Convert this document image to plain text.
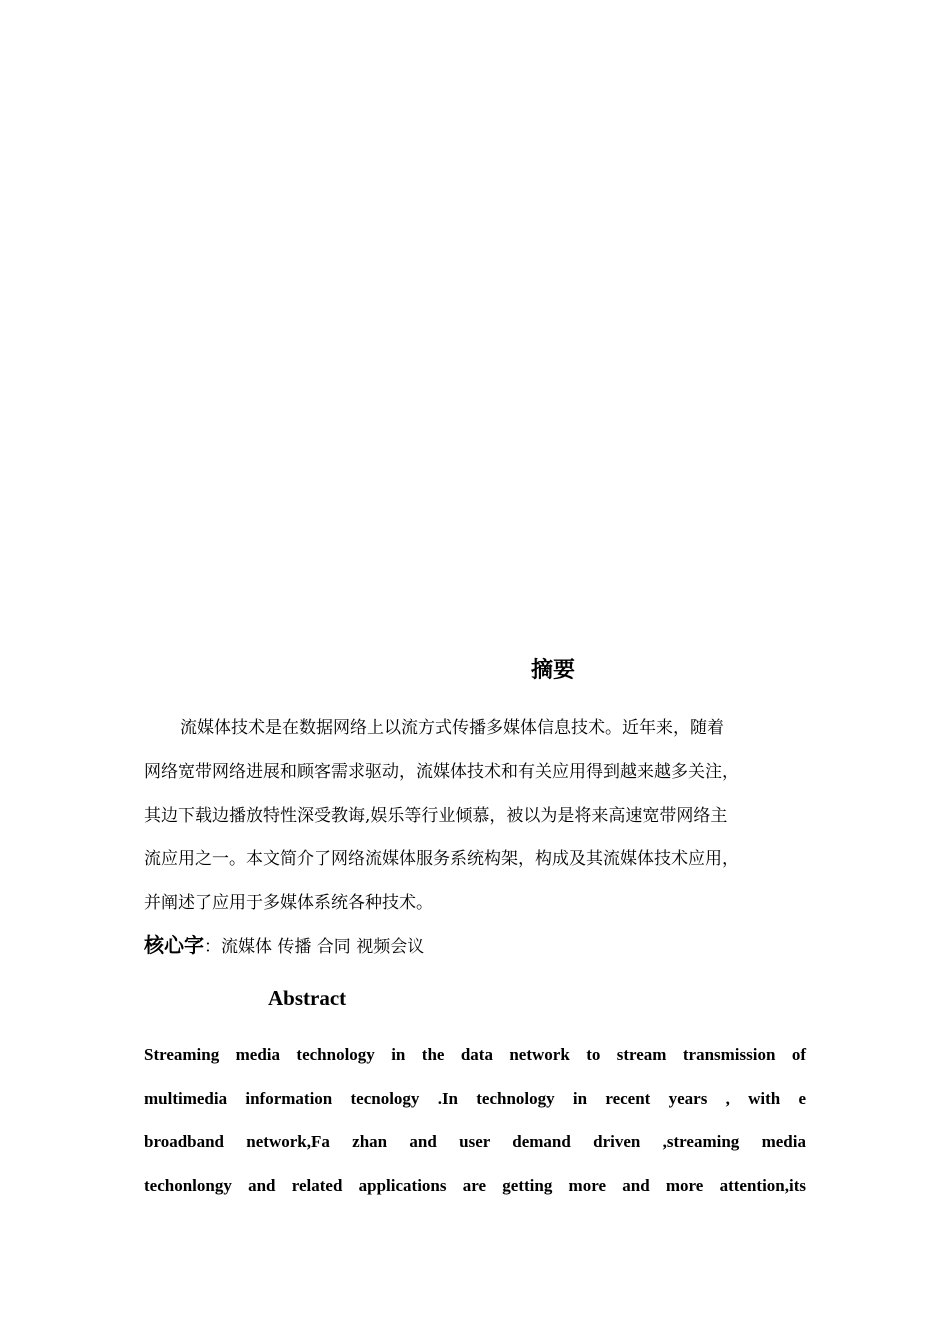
摘要

流媒体技术是在数据网络上以流方式传播多媒体信息技术。近年来，随着

网络宽带网络进展和顾客需求驱动，流媒体技术和有关应用得到越来越多关注，

其边下载边播放特性深受教诲,娱乐等行业倾慕，被以为是将来高速宽带网络主

流应用之一。本文简介了网络流媒体服务系统构架，构成及其流媒体技术应用，

并阐述了应用于多媒体系统各种技术。

核心字：流媒体 传播 合同 视频会议

Abstract

Streaming media technology in the data network to stream transmission of

multimedia information tecnology .In technology in recent years , with e

broadband network,Fa zhan and user demand driven ,streaming media

techonlongy and related applications are getting more and more attention,its
